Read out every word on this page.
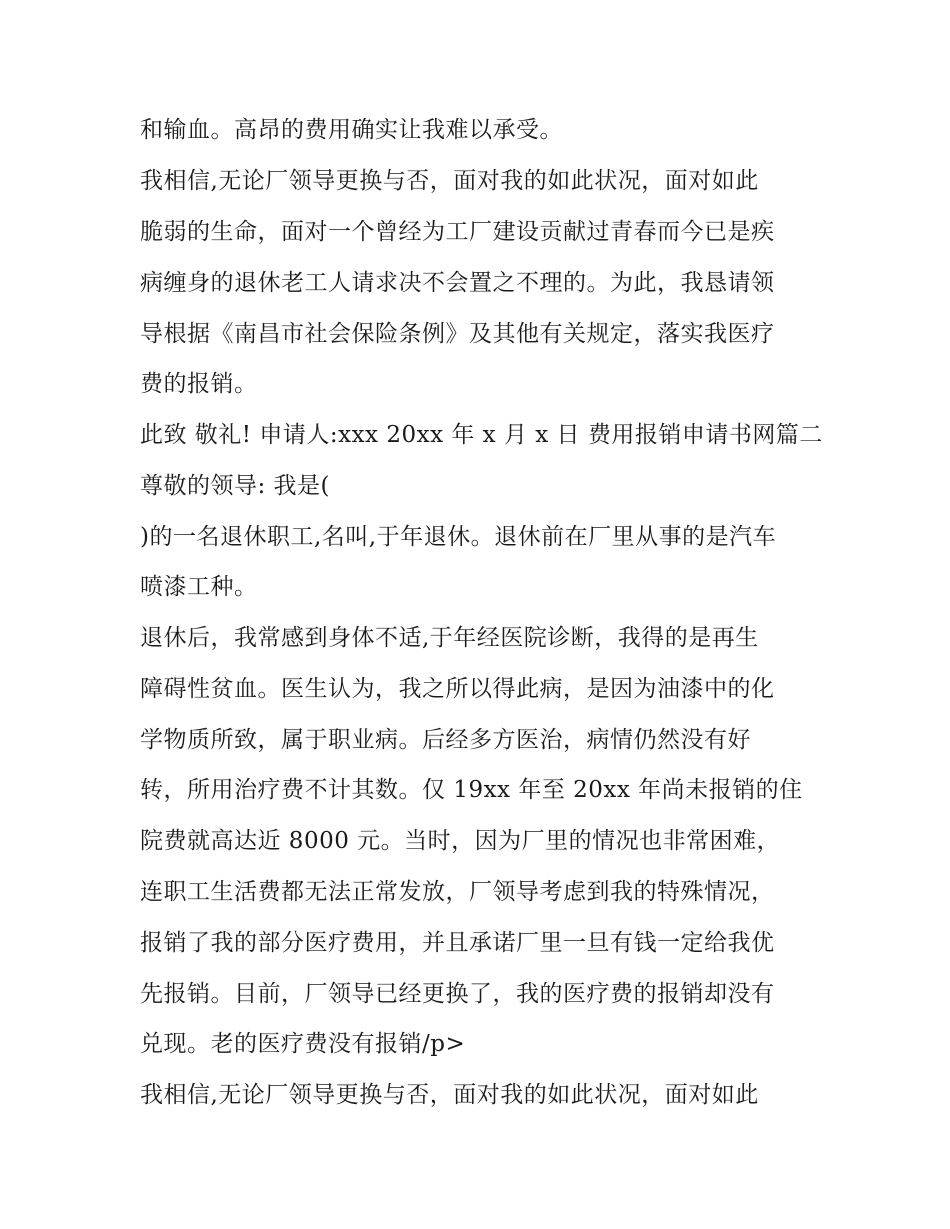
和输血。高昂的费用确实让我难以承受。
我相信,无论厂领导更换与否，面对我的如此状况，面对如此
脆弱的生命，面对一个曾经为工厂建设贡献过青春而今已是疾
病缠身的退休老工人请求决不会置之不理的。为此，我恳请领
导根据《南昌市社会保险条例》及其他有关规定，落实我医疗
费的报销。
此致 敬礼! 申请人:xxx 20xx 年 x 月 x 日 费用报销申请书网篇二
尊敬的领导: 我是(
)的一名退休职工,名叫,于年退休。退休前在厂里从事的是汽车
喷漆工种。
退休后，我常感到身体不适,于年经医院诊断，我得的是再生
障碍性贫血。医生认为，我之所以得此病，是因为油漆中的化
学物质所致，属于职业病。后经多方医治，病情仍然没有好
转，所用治疗费不计其数。仅 19xx 年至 20xx 年尚未报销的住
院费就高达近 8000 元。当时，因为厂里的情况也非常困难，
连职工生活费都无法正常发放，厂领导考虑到我的特殊情况，
报销了我的部分医疗费用，并且承诺厂里一旦有钱一定给我优
先报销。目前，厂领导已经更换了，我的医疗费的报销却没有
兑现。老的医疗费没有报销/p>
我相信,无论厂领导更换与否，面对我的如此状况，面对如此
